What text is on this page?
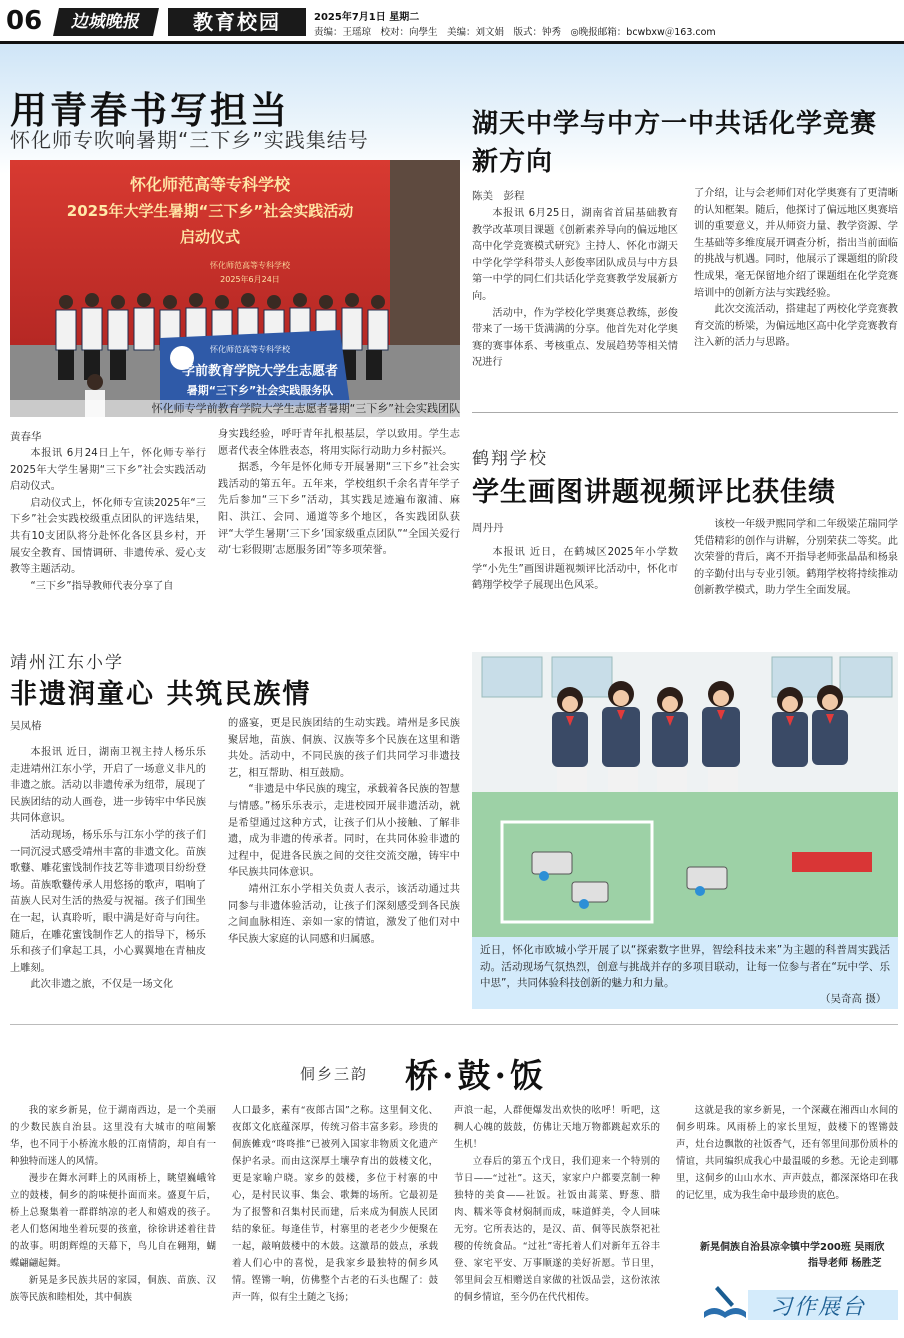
06	边城晚报	教育校园	2025年7月1日 星期二
责编：王瑶琼　校对：向學生　美编：刘文娟　版式：钟秀　◎晚报邮箱：bcwbxw＠163.com
用青春书写担当
怀化师专吹响暑期“三下乡”实践集结号
怀化师范高等专科学校
2025年大学生暑期“三下乡”社会实践活动
启动仪式
怀化师范高等专科学校
2025年6月24日
怀化师范高等专科学校
学前教育学院大学生志愿者
暑期“三下乡”社会实践服务队
怀化师专学前教育学院大学生志愿者暑期“三下乡”社会实践团队
黄春华

本报讯 6月24日上午，怀化师专举行2025年大学生暑期“三下乡”社会实践活动启动仪式。

启动仪式上，怀化师专宣读2025年“三下乡”社会实践校级重点团队的评选结果，共有10支团队将分赴怀化各区县乡村，开展安全教育、国情调研、非遗传承、爱心支教等主题活动。

“三下乡”指导教师代表分享了自

身实践经验，呼吁青年扎根基层，学以致用。学生志愿者代表全体胜表态，将用实际行动助力乡村振兴。

据悉，今年是怀化师专开展暑期“三下乡”社会实践活动的第五年。五年来，学校组织千余名青年学子先后参加“三下乡”活动，其实践足迹遍布溆浦、麻阳、洪江、会同、通道等多个地区，各实践团队获评“大学生暑期‘三下乡’国家级重点团队”“全国关爱行动‘七彩假期’志愿服务团”等多项荣誉。

湖天中学与中方一中共话化学竞赛新方向
陈美　彭程

本报讯 6月25日，湖南省首届基础教育教学改革项目课题《创新素养导向的偏远地区高中化学竞赛模式研究》主持人、怀化市湖天中学化学学科带头人彭俊率团队成员与中方县第一中学的同仁们共话化学竞赛教学发展新方向。

活动中，作为学校化学奥赛总教练，彭俊带来了一场干货满满的分享。他首先对化学奥赛的赛事体系、考核重点、发展趋势等相关情况进行

了介绍，让与会老师们对化学奥赛有了更清晰的认知框架。随后，他探讨了偏远地区奥赛培训的重要意义，并从师资力量、教学资源、学生基础等多维度展开调查分析，指出当前面临的挑战与机遇。同时，他展示了课题组的阶段性成果，毫无保留地介绍了课题组在化学竞赛培训中的创新方法与实践经验。

此次交流活动，搭建起了两校化学竞赛教育交流的桥梁，为偏远地区高中化学竞赛教育注入新的活力与思路。

鹤翔学校
学生画图讲题视频评比获佳绩
周丹丹

本报讯 近日，在鹤城区2025年小学数学“小先生”画图讲题视频评比活动中，怀化市鹤翔学校学子展现出色风采。

该校一年级尹熙同学和二年级梁芷瑞同学凭借精彩的创作与讲解，分别荣获二等奖。此次荣誉的背后，离不开指导老师张晶晶和杨泉的辛勤付出与专业引领。鹤翔学校将持续推动创新教学模式，助力学生全面发展。

靖州江东小学
非遗润童心 共筑民族情
吴凤椿

本报讯 近日，湖南卫视主持人杨乐乐走进靖州江东小学，开启了一场意义非凡的非遗之旅。活动以非遗传承为纽带，展现了民族团结的动人画卷，进一步铸牢中华民族共同体意识。

活动现场，杨乐乐与江东小学的孩子们一同沉浸式感受靖州丰富的非遗文化。苗族歌鼟、雕花蜜饯制作技艺等非遗项目纷纷登场。苗族歌鼟传承人用悠扬的歌声，唱响了苗族人民对生活的热爱与祝福。孩子们围坐在一起，认真聆听，眼中满是好奇与向往。随后，在雕花蜜饯制作艺人的指导下，杨乐乐和孩子们拿起工具，小心翼翼地在青柚皮上雕刻。

此次非遗之旅，不仅是一场文化

的盛宴，更是民族团结的生动实践。靖州是多民族聚居地，苗族、侗族、汉族等多个民族在这里和谐共处。活动中，不同民族的孩子们共同学习非遗技艺，相互帮助、相互鼓励。

“非遗是中华民族的瑰宝，承载着各民族的智慧与情感。”杨乐乐表示，走进校园开展非遗活动，就是希望通过这种方式，让孩子们从小接触、了解非遗，成为非遗的传承者。同时，在共同体验非遗的过程中，促进各民族之间的交往交流交融，铸牢中华民族共同体意识。

靖州江东小学相关负责人表示，该活动通过共同参与非遗体验活动，让孩子们深刻感受到各民族之间血脉相连、亲如一家的情谊，激发了他们对中华民族大家庭的认同感和归属感。

近日，怀化市欧城小学开展了以“探索数字世界，智绘科技未来”为主题的科普周实践活动。活动现场气氛热烈，创意与挑战并存的多项目联动，让每一位参与者在“玩中学、乐中思”，共同体验科技创新的魅力和力量。
（吴奇高 摄）
侗乡三韵 桥·鼓·饭

我的家乡新晃，位于湖南西边，是一个美丽的少数民族自治县。这里没有大城市的喧闹繁华，也不同于小桥流水般的江南情韵，却自有一种独特而迷人的风情。

漫步在舞水河畔上的风雨桥上，眺望巍峨耸立的鼓楼，侗乡的韵味便扑面而来。盛夏午后，桥上总聚集着一群群纳凉的老人和嬉戏的孩子。老人们悠闲地坐着玩耍的孩童，徐徐讲述着往昔的故事。明朗辉煌的天幕下，鸟儿自在翱翔，蝴蝶翩翩起舞。

新晃是多民族共居的家园，侗族、苗族、汉族等民族和睦相处，其中侗族

人口最多，素有“夜郎古国”之称。这里侗文化、夜郎文化底蕴深厚，传统习俗丰富多彩。珍贵的侗族傩戏“咚咚推”已被列入国家非物质文化遗产保护名录。而由这深厚土壤孕育出的鼓楼文化，更是家喻户晓。家乡的鼓楼，多位于村寨的中心，是村民议事、集会、歌舞的场所。它最初是为了报警和召集村民而建，后来成为侗族人民团结的象征。每逢佳节，村寨里的老老少少便聚在一起，敲响鼓楼中的木鼓。这激昂的鼓点，承载着人们心中的喜悦，是我家乡最独特的侗乡风情。铿锵一响，仿佛整个古老的石头也醒了：鼓声一阵，似有尘土随之飞扬；

声浪一起，人群便爆发出欢快的吆呼！听吧，这稠人心魄的鼓鼓，仿佛让天地万物都跳起欢乐的生机！

立春后的第五个戊日，我们迎来一个特别的节日——“过社”。这天，家家户户都要烹制一种独特的美食——社饭。社饭由蒿菜、野葱、腊肉、糯米等食材焖制而成，味道鲜美，令人回味无穷。它所表达的，是汉、苗、侗等民族祭祀社稷的传统食品。“过社”寄托着人们对新年五谷丰登、家宅平安、万事顺遂的美好祈愿。节日里，邻里间会互相赠送自家做的社饭品尝，这份浓浓的侗乡情谊，至今仍在代代相传。

这就是我的家乡新晃，一个深藏在湘西山水间的侗乡明珠。风雨桥上的家长里短，鼓楼下的铿锵鼓声，灶台边飘散的社饭香气，还有邻里间那份质朴的情谊，共同编织成我心中最温暖的乡愁。无论走到哪里，这侗乡的山山水水、声声鼓点，都深深烙印在我的记忆里，成为我生命中最珍贵的底色。

新晃侗族自治县凉伞镇中学200班 吴雨欣
指导老师 杨胜芝
习作展台
